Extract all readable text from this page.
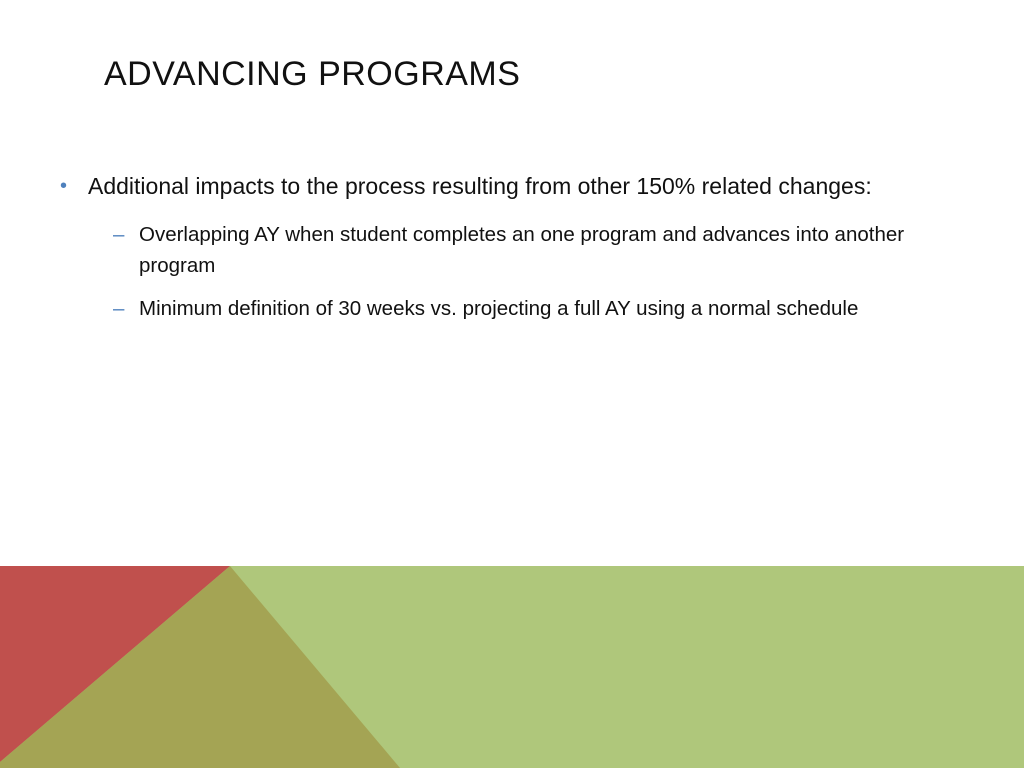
ADVANCING PROGRAMS
• Additional impacts to the process resulting from other 150% related changes:
– Overlapping AY when student completes an one program and advances into another program
– Minimum definition of 30 weeks vs. projecting a full AY using a normal schedule
